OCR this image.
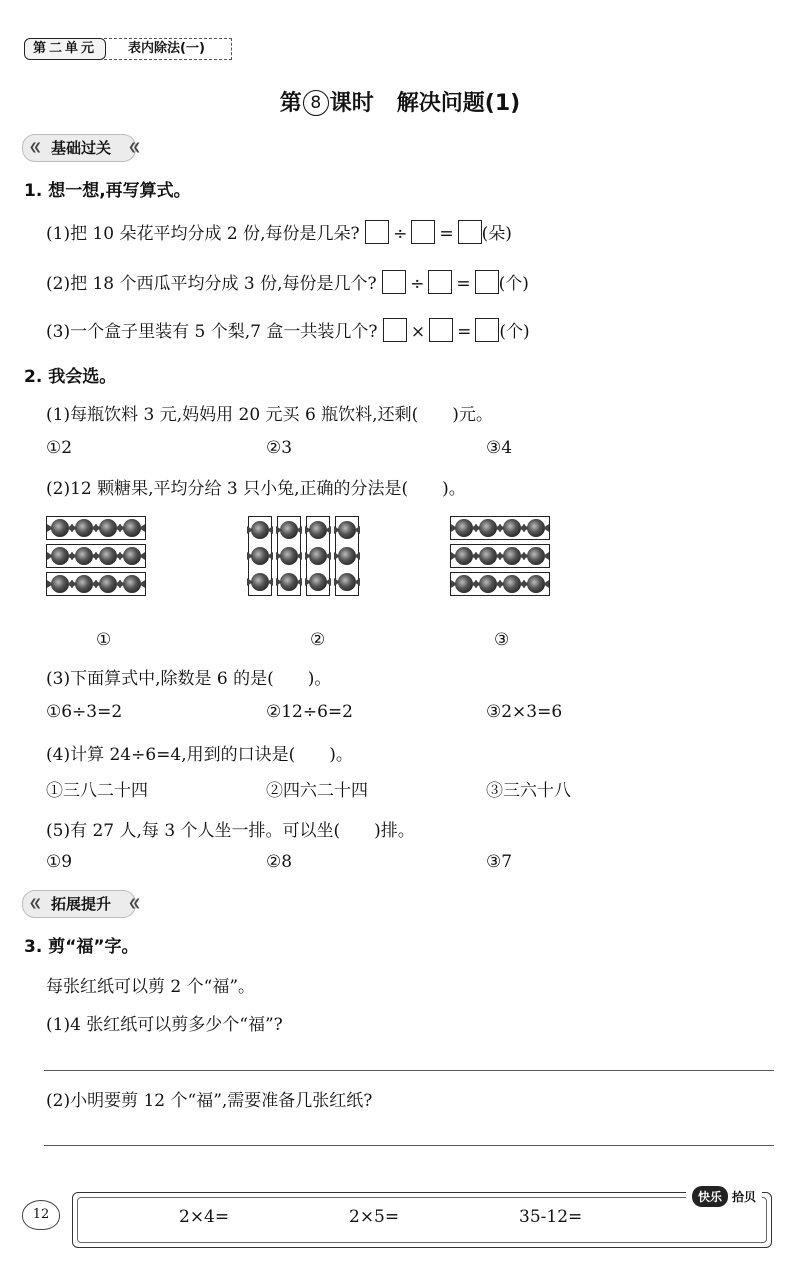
第二单元	表内除法(一)
第 8 课时 解决问题(1)
❮❮ 基础过关 ❮❮
1. 想一想,再写算式。
(1)把 10 朵花平均分成 2 份,每份是几朵? ÷ = (朵)
(2)把 18 个西瓜平均分成 3 份,每份是几个? ÷ = (个)
(3)一个盒子里装有 5 个梨,7 盒一共装几个? × = (个)
2. 我会选。
(1)每瓶饮料 3 元,妈妈用 20 元买 6 瓶饮料,还剩(　　)元。
①2	②3	③4
(2)12 颗糖果,平均分给 3 只小兔,正确的分法是(　　)。
①	②	③
(3)下面算式中,除数是 6 的是(　　)。
①6÷3=2	②12÷6=2	③2×3=6
(4)计算 24÷6=4,用到的口诀是(　　)。
①三八二十四	②四六二十四	③三六十八
(5)有 27 人,每 3 个人坐一排。可以坐(　　)排。
①9	②8	③7
❮❮ 拓展提升 ❮❮
3. 剪“福”字。
每张红纸可以剪 2 个“福”。
(1)4 张红纸可以剪多少个“福”?
(2)小明要剪 12 个“福”,需要准备几张红纸?
2×4=	2×5=	35-12=
12
快乐 拾贝
